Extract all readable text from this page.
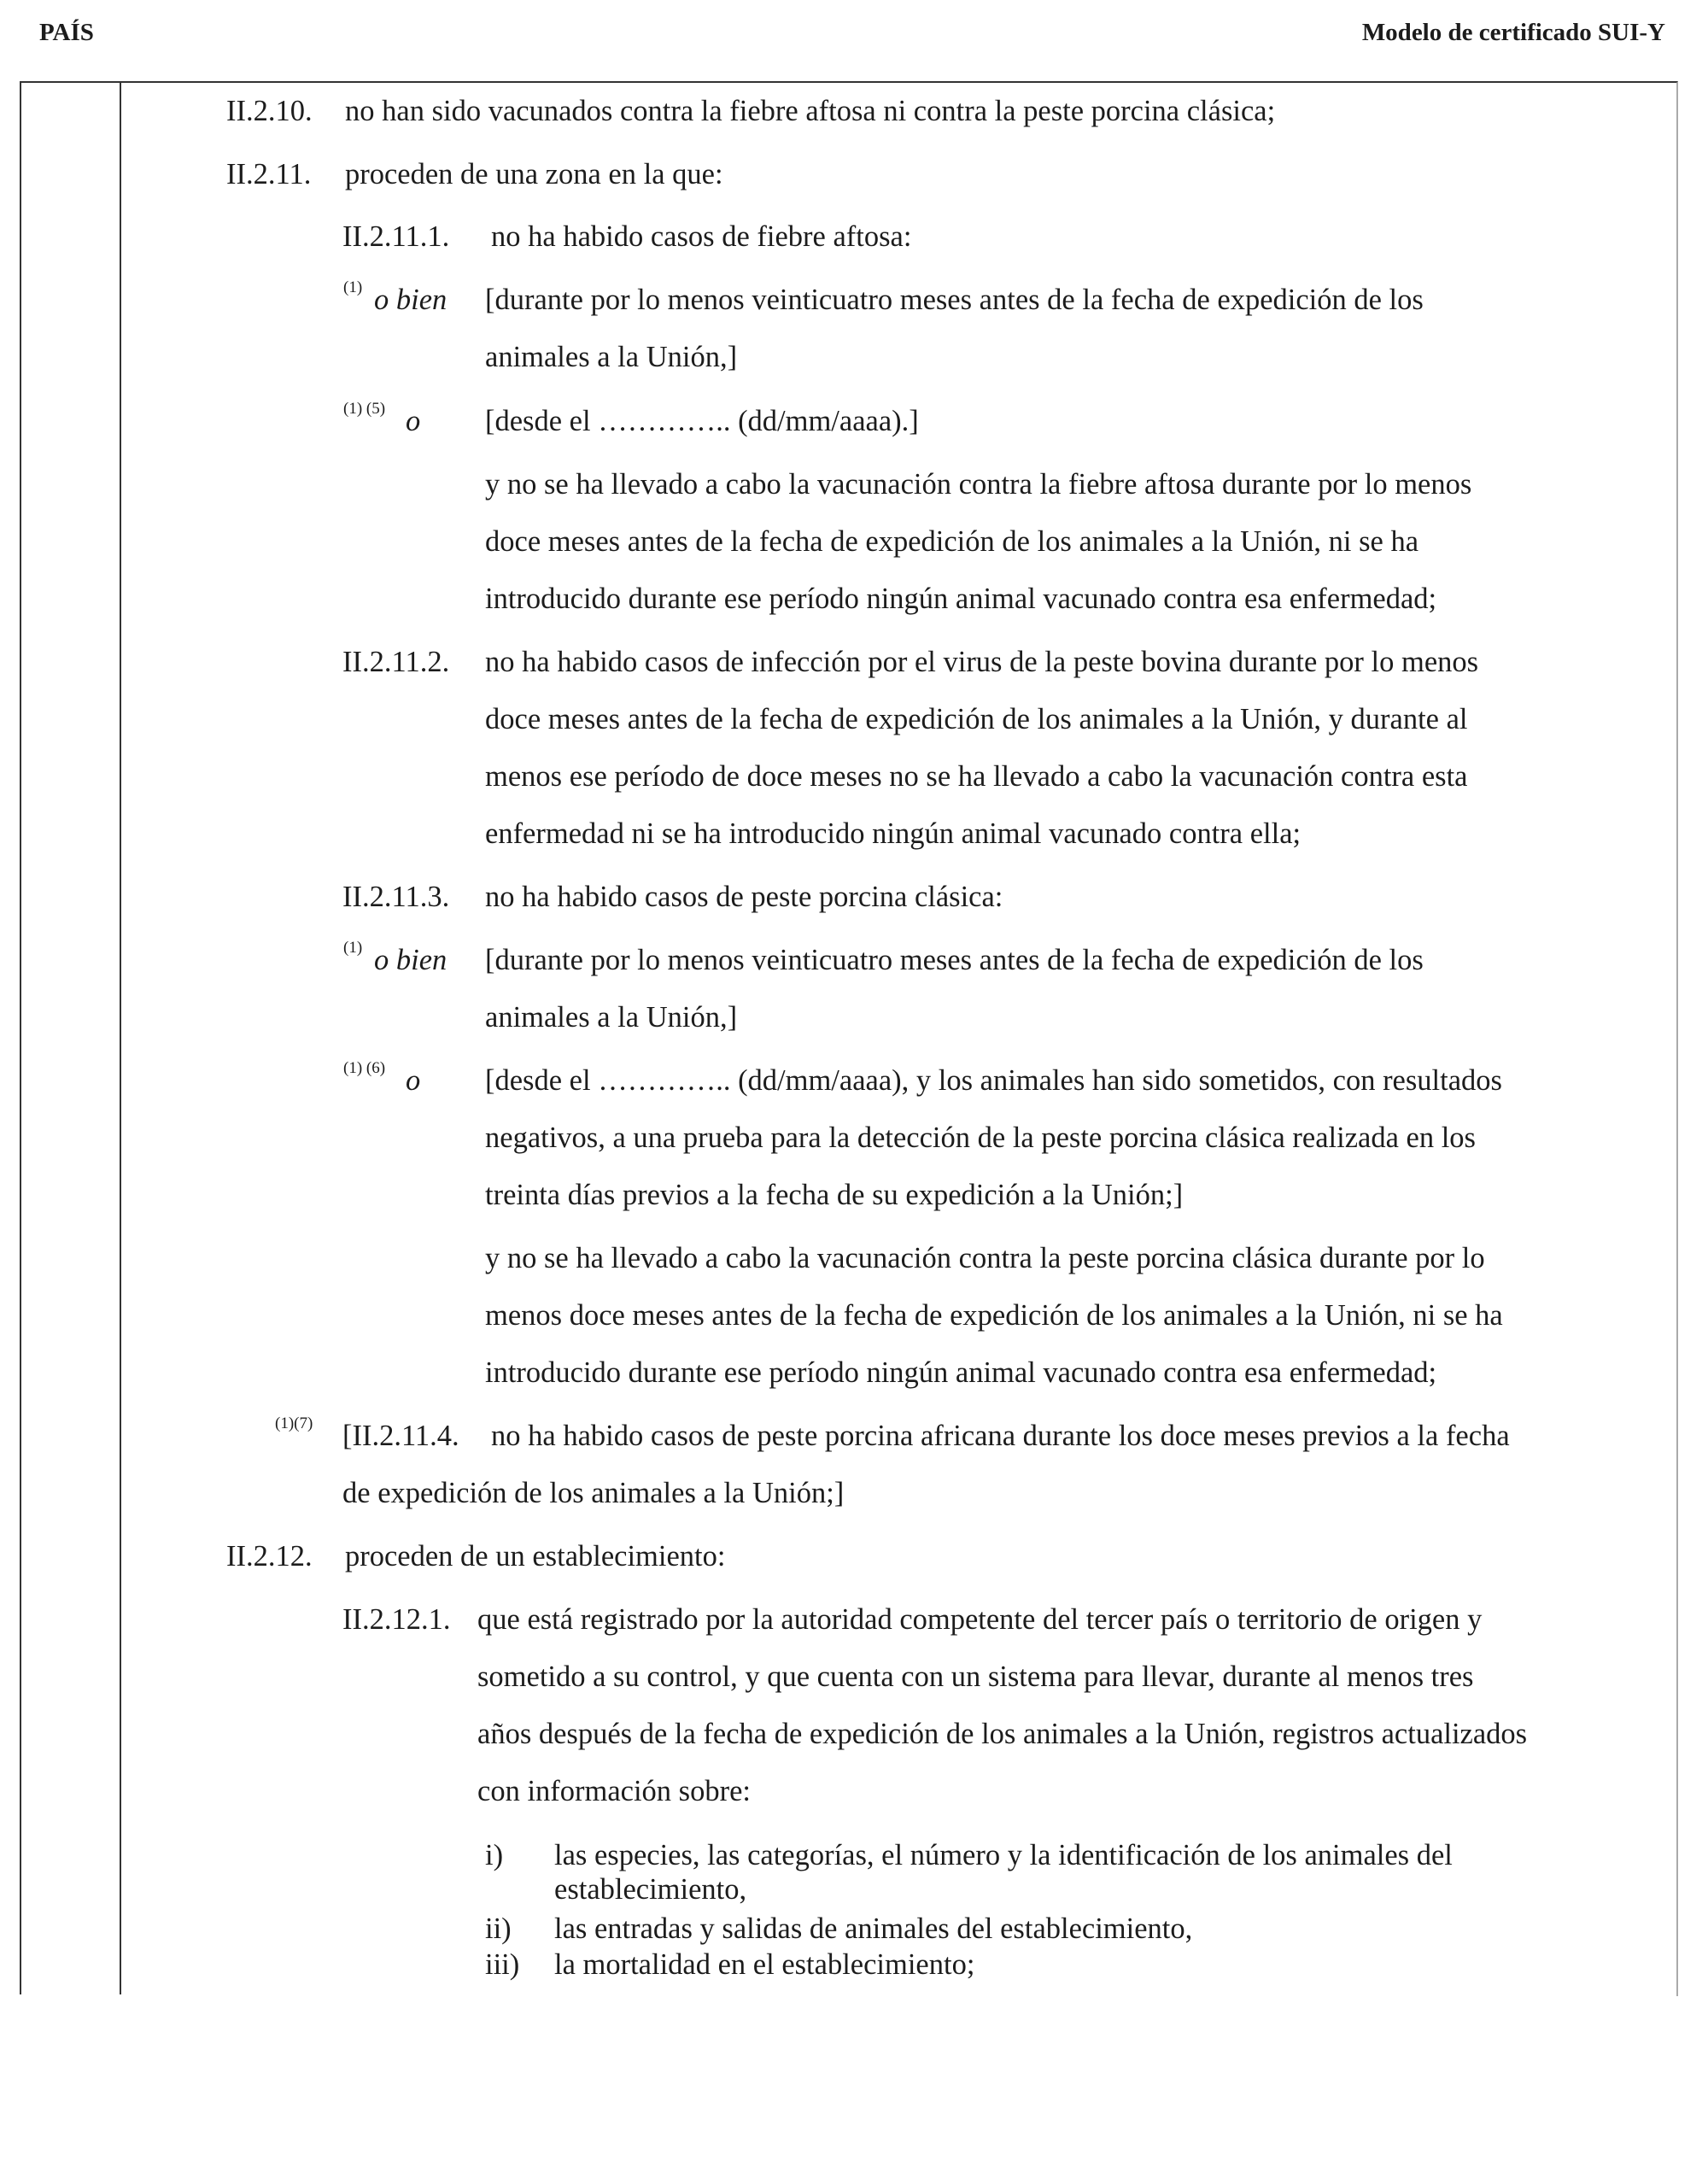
PAÍS	Modelo de certificado SUI-Y
II.2.10. no han sido vacunados contra la fiebre aftosa ni contra la peste porcina clásica;
II.2.11. proceden de una zona en la que:
II.2.11.1. no ha habido casos de fiebre aftosa:
(1) o bien [durante por lo menos veinticuatro meses antes de la fecha de expedición de los
animales a la Unión,]
(1) (5) o [desde el ………….. (dd/mm/aaaa).]
y no se ha llevado a cabo la vacunación contra la fiebre aftosa durante por lo menos
doce meses antes de la fecha de expedición de los animales a la Unión, ni se ha
introducido durante ese período ningún animal vacunado contra esa enfermedad;
II.2.11.2. no ha habido casos de infección por el virus de la peste bovina durante por lo menos
doce meses antes de la fecha de expedición de los animales a la Unión, y durante al
menos ese período de doce meses no se ha llevado a cabo la vacunación contra esta
enfermedad ni se ha introducido ningún animal vacunado contra ella;
II.2.11.3. no ha habido casos de peste porcina clásica:
(1) o bien [durante por lo menos veinticuatro meses antes de la fecha de expedición de los
animales a la Unión,]
(1) (6) o [desde el ………….. (dd/mm/aaaa), y los animales han sido sometidos, con resultados
negativos, a una prueba para la detección de la peste porcina clásica realizada en los
treinta días previos a la fecha de su expedición a la Unión;]
y no se ha llevado a cabo la vacunación contra la peste porcina clásica durante por lo
menos doce meses antes de la fecha de expedición de los animales a la Unión, ni se ha
introducido durante ese período ningún animal vacunado contra esa enfermedad;
(1)(7) [II.2.11.4. no ha habido casos de peste porcina africana durante los doce meses previos a la fecha
de expedición de los animales a la Unión;]
II.2.12. proceden de un establecimiento:
II.2.12.1. que está registrado por la autoridad competente del tercer país o territorio de origen y
sometido a su control, y que cuenta con un sistema para llevar, durante al menos tres
años después de la fecha de expedición de los animales a la Unión, registros actualizados
con información sobre:
i) las especies, las categorías, el número y la identificación de los animales del
establecimiento,
ii) las entradas y salidas de animales del establecimiento,
iii) la mortalidad en el establecimiento;
